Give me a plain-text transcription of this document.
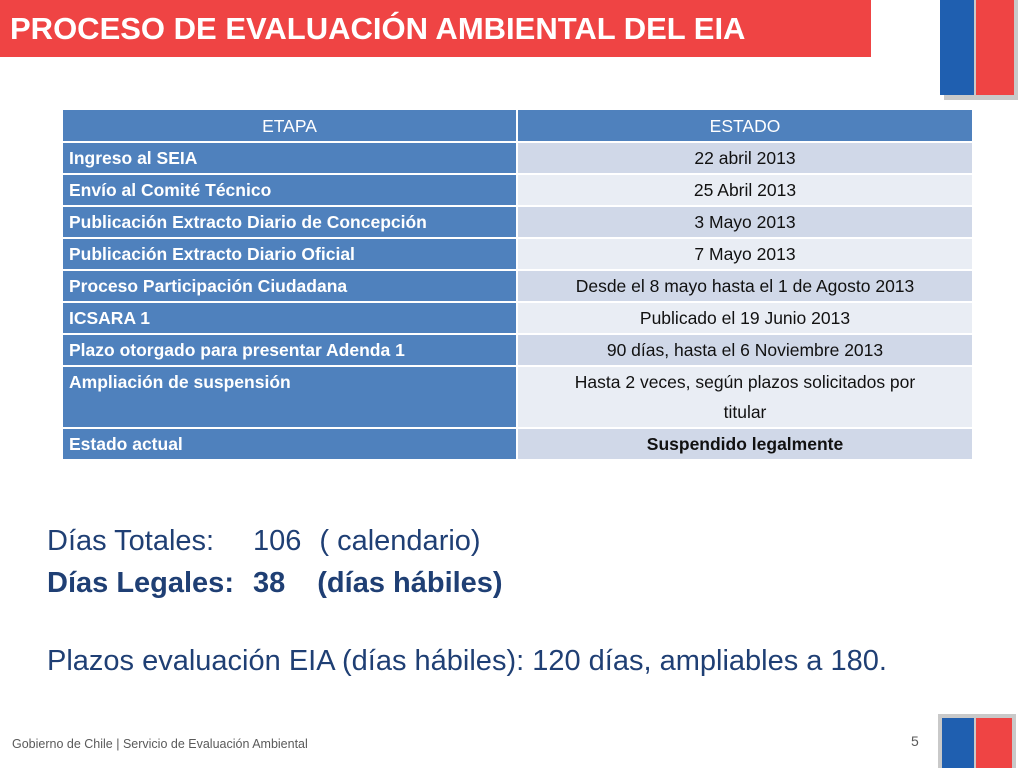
PROCESO DE EVALUACIÓN AMBIENTAL DEL EIA
ETAPA	ESTADO
Ingreso al SEIA	22 abril 2013
Envío al Comité Técnico	25 Abril 2013
Publicación Extracto Diario de Concepción	3 Mayo 2013
Publicación Extracto Diario Oficial	7 Mayo 2013
Proceso Participación Ciudadana	Desde el 8 mayo hasta el 1 de Agosto 2013
ICSARA 1	Publicado el 19 Junio 2013
Plazo otorgado para presentar Adenda 1	90 días, hasta el 6 Noviembre 2013
Ampliación de suspensión	Hasta 2 veces, según plazos solicitados por titular
Estado actual	Suspendido legalmente
Días Totales:	106 ( calendario)
Días Legales: 38 (días hábiles)
Plazos evaluación EIA (días hábiles): 120 días, ampliables a 180.
Gobierno de Chile | Servicio de Evaluación Ambiental	5
